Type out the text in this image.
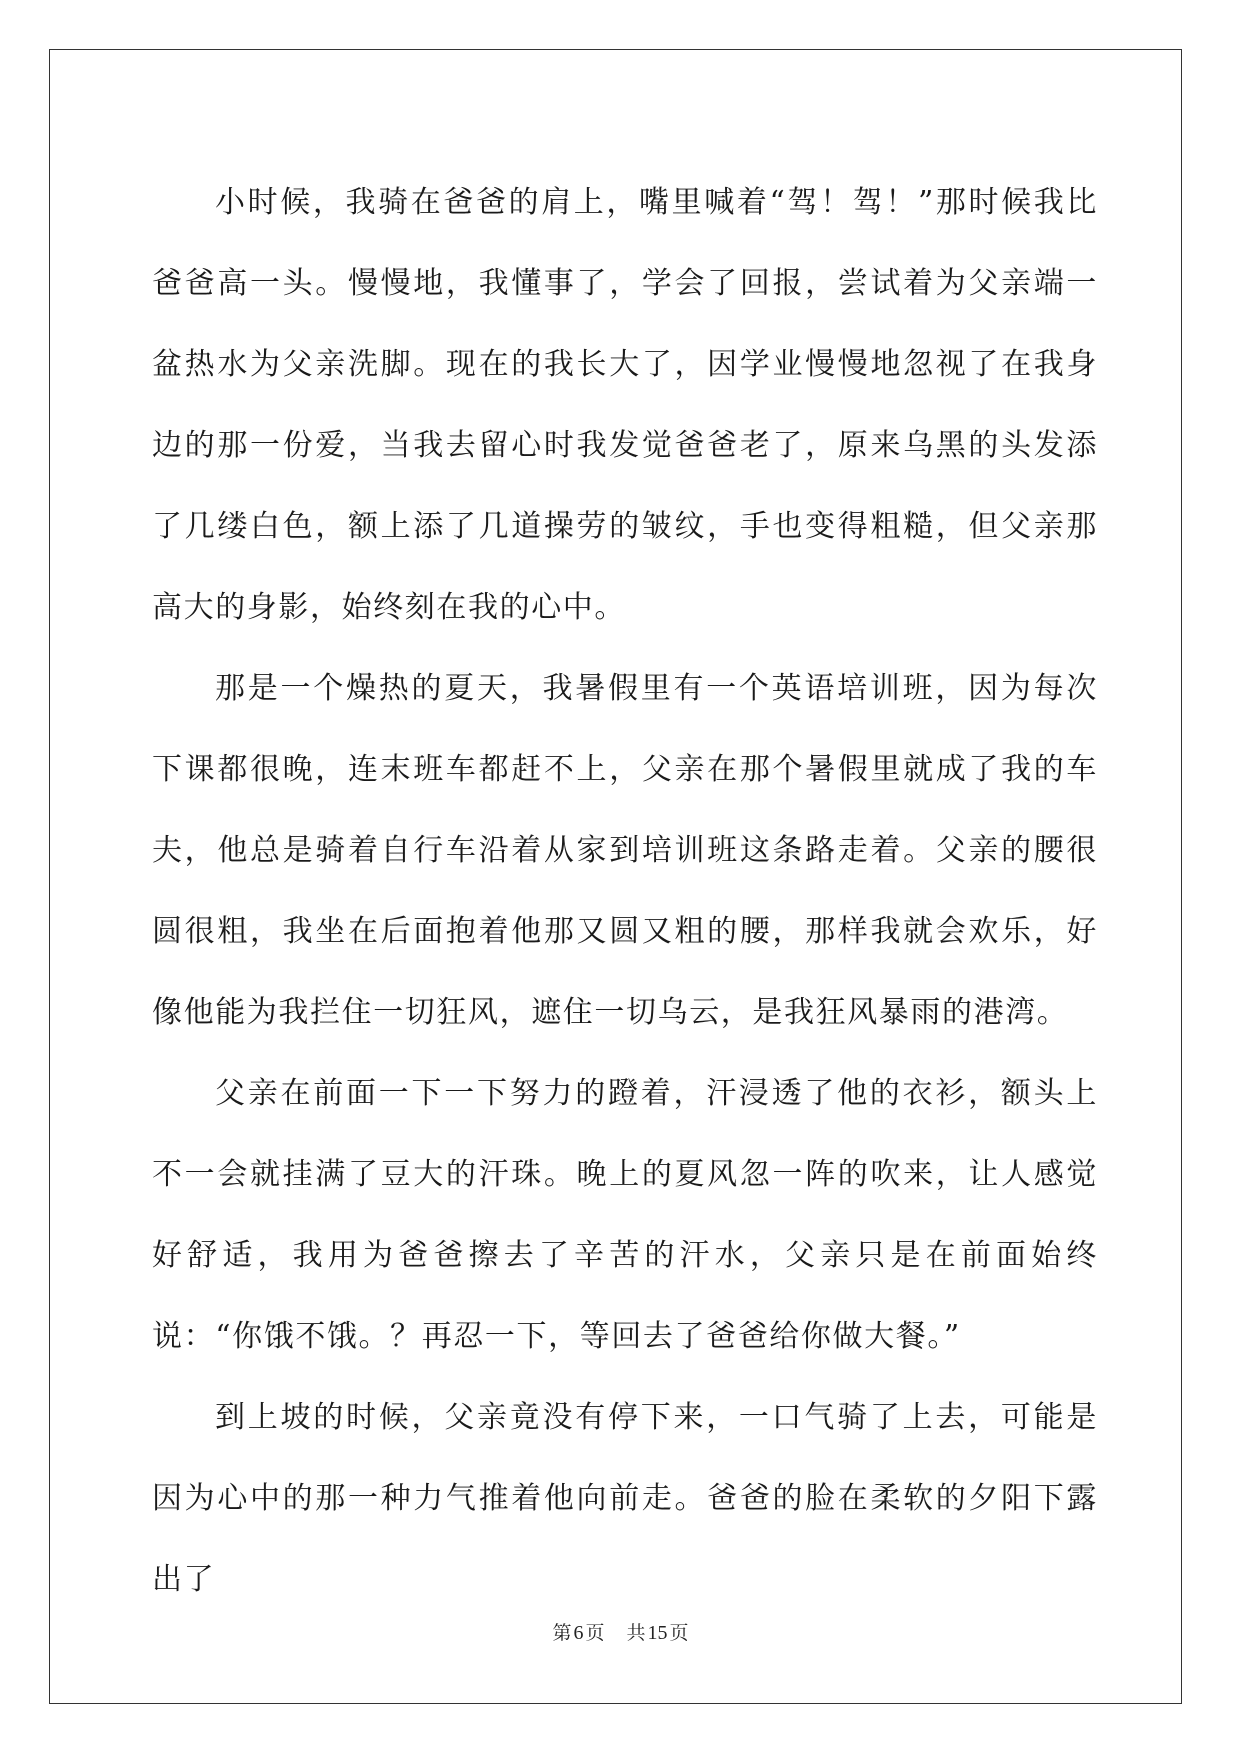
小时候，我骑在爸爸的肩上，嘴里喊着“驾！驾！”那时候我比爸爸高一头。慢慢地，我懂事了，学会了回报，尝试着为父亲端一盆热水为父亲洗脚。现在的我长大了，因学业慢慢地忽视了在我身边的那一份爱，当我去留心时我发觉爸爸老了，原来乌黑的头发添了几缕白色，额上添了几道操劳的皱纹，手也变得粗糙，但父亲那高大的身影，始终刻在我的心中。

那是一个燥热的夏天，我暑假里有一个英语培训班，因为每次下课都很晚，连末班车都赶不上，父亲在那个暑假里就成了我的车夫，他总是骑着自行车沿着从家到培训班这条路走着。父亲的腰很圆很粗，我坐在后面抱着他那又圆又粗的腰，那样我就会欢乐，好像他能为我拦住一切狂风，遮住一切乌云，是我狂风暴雨的港湾。

父亲在前面一下一下努力的蹬着，汗浸透了他的衣衫，额头上不一会就挂满了豆大的汗珠。晚上的夏风忽一阵的吹来，让人感觉好舒适，我用为爸爸擦去了辛苦的汗水，父亲只是在前面始终说：“你饿不饿。？再忍一下，等回去了爸爸给你做大餐。”

到上坡的时候，父亲竟没有停下来，一口气骑了上去，可能是因为心中的那一种力气推着他向前走。爸爸的脸在柔软的夕阳下露出了

第 6 页 共 15 页
